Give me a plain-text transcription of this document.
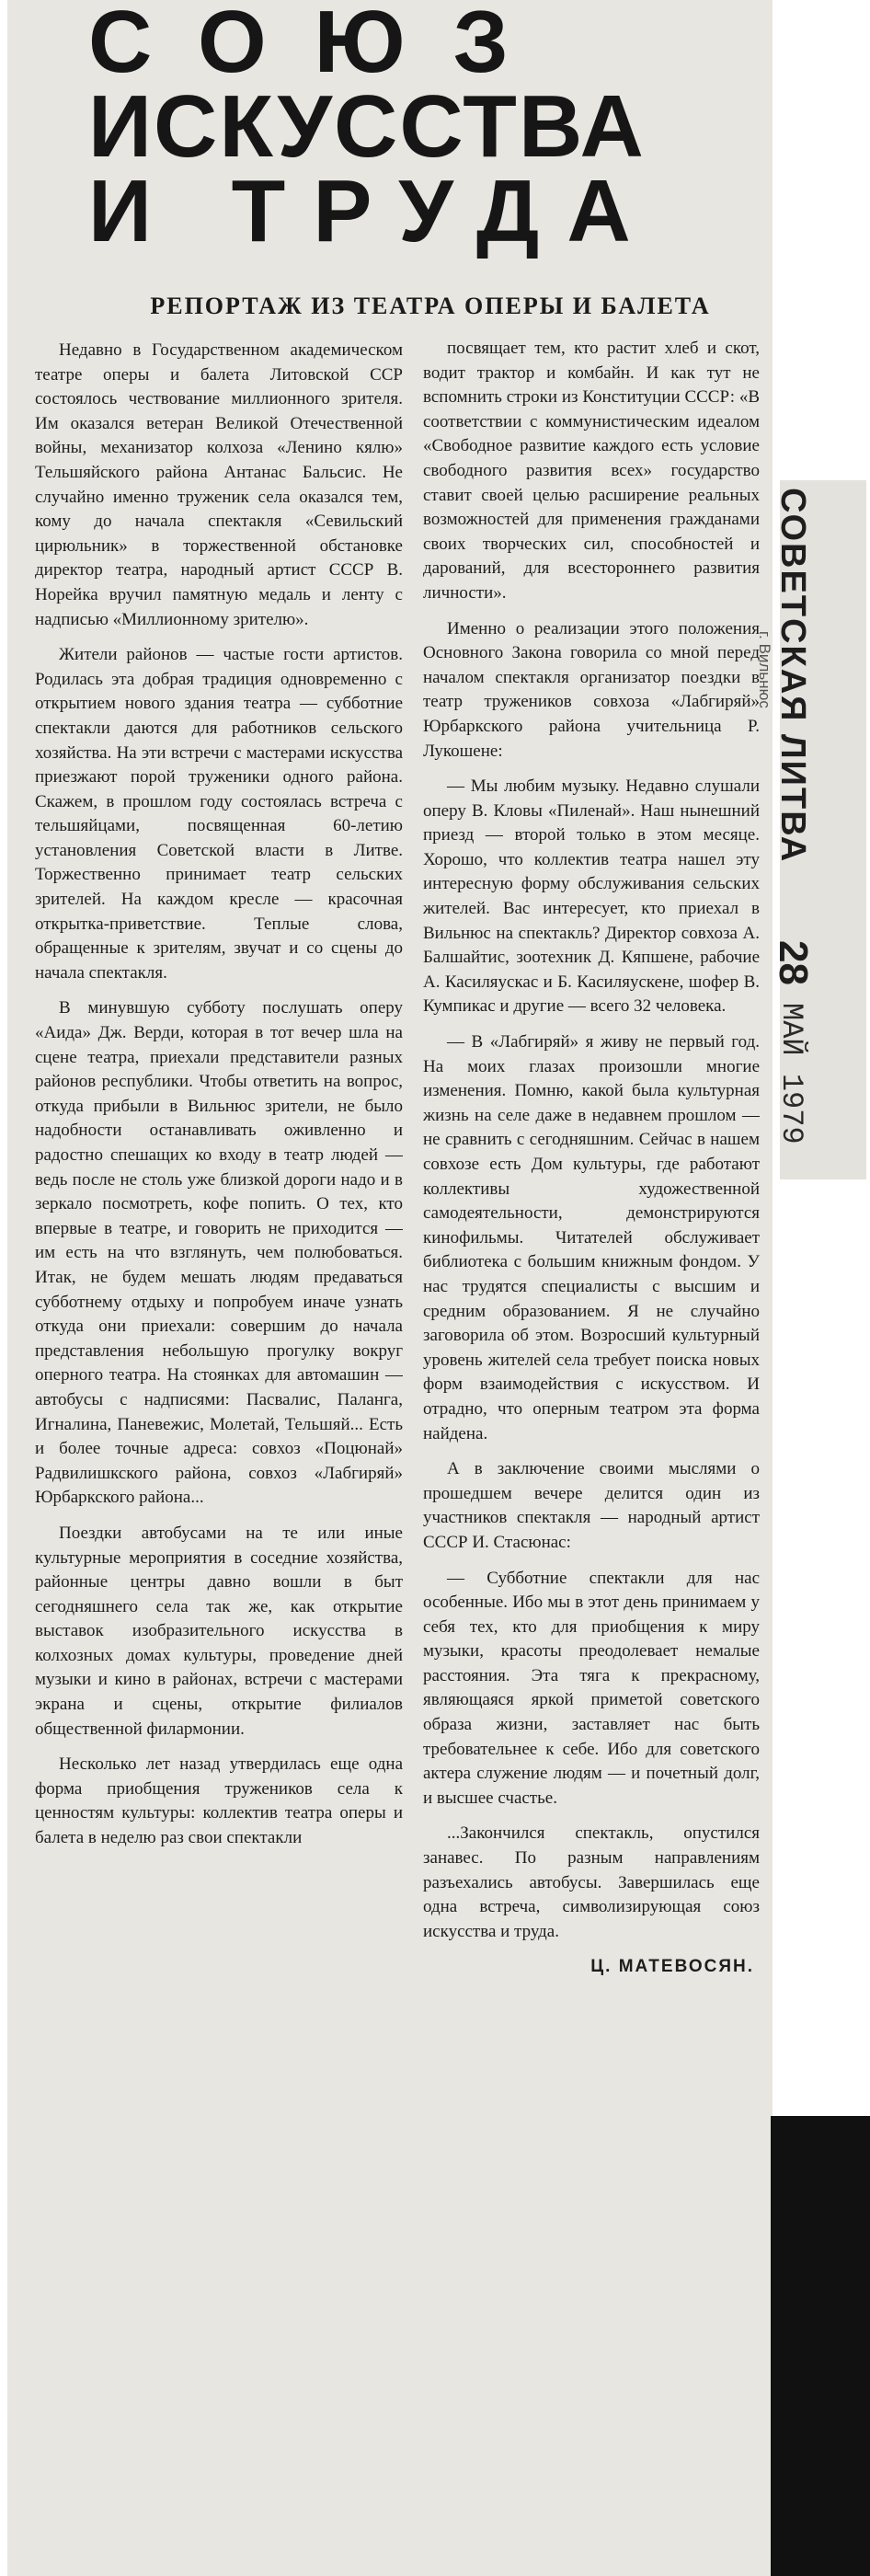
СОЮЗ
ИСКУССТВА
И ТРУДА
РЕПОРТАЖ ИЗ ТЕАТРА ОПЕРЫ И БАЛЕТА

Недавно в Государственном академическом театре оперы и балета Литовской ССР состоялось чествование миллионного зрителя. Им оказался ветеран Великой Отечественной войны, механизатор колхоза «Ленино кялю» Тельшяйского района Антанас Бальсис. Не случайно именно труженик села оказался тем, кому до начала спектакля «Севильский цирюльник» в торжественной обстановке директор театра, народный артист СССР В. Норейка вручил памятную медаль и ленту с надписью «Миллионному зрителю».

Жители районов — частые гости артистов. Родилась эта добрая традиция одновременно с открытием нового здания театра — субботние спектакли даются для работников сельского хозяйства. На эти встречи с мастерами искусства приезжают порой труженики одного района. Скажем, в прошлом году состоялась встреча с тельшяйцами, посвященная 60-летию установления Советской власти в Литве. Торжественно принимает театр сельских зрителей. На каждом кресле — красочная открытка-приветствие. Теплые слова, обращенные к зрителям, звучат и со сцены до начала спектакля.

В минувшую субботу послушать оперу «Аида» Дж. Верди, которая в тот вечер шла на сцене театра, приехали представители разных районов республики. Чтобы ответить на вопрос, откуда прибыли в Вильнюс зрители, не было надобности останавливать оживленно и радостно спешащих ко входу в театр людей — ведь после не столь уже близкой дороги надо и в зеркало посмотреть, кофе попить. О тех, кто впервые в театре, и говорить не приходится — им есть на что взглянуть, чем полюбоваться. Итак, не будем мешать людям предаваться субботнему отдыху и попробуем иначе узнать откуда они приехали: совершим до начала представления небольшую прогулку вокруг оперного театра. На стоянках для автомашин — автобусы с надписями: Пасвалис, Паланга, Игналина, Паневежис, Молетай, Тельшяй... Есть и более точные адреса: совхоз «Поцюнай» Радвилишкского района, совхоз «Лабгиряй» Юрбаркского района...

Поездки автобусами на те или иные культурные мероприятия в соседние хозяйства, районные центры давно вошли в быт сегодняшнего села так же, как открытие выставок изобразительного искусства в колхозных домах культуры, проведение дней музыки и кино в районах, встречи с мастерами экрана и сцены, открытие филиалов общественной филармонии.

Несколько лет назад утвердилась еще одна форма приобщения тружеников села к ценностям культуры: коллектив театра оперы и балета в неделю раз свои спектакли

посвящает тем, кто растит хлеб и скот, водит трактор и комбайн. И как тут не вспомнить строки из Конституции СССР: «В соответствии с коммунистическим идеалом «Свободное развитие каждого есть условие свободного развития всех» государство ставит своей целью расширение реальных возможностей для применения гражданами своих творческих сил, способностей и дарований, для всестороннего развития личности».

Именно о реализации этого положения Основного Закона говорила со мной перед началом спектакля организатор поездки в театр тружеников совхоза «Лабгиряй» Юрбаркского района учительница Р. Лукошене:

— Мы любим музыку. Недавно слушали оперу В. Кловы «Пиленай». Наш нынешний приезд — второй только в этом месяце. Хорошо, что коллектив театра нашел эту интересную форму обслуживания сельских жителей. Вас интересует, кто приехал в Вильнюс на спектакль? Директор совхоза А. Балшайтис, зоотехник Д. Кяпшене, рабочие А. Касиляускас и Б. Касиляускене, шофер В. Кумпикас и другие — всего 32 человека.

— В «Лабгиряй» я живу не первый год. На моих глазах произошли многие изменения. Помню, какой была культурная жизнь на селе даже в недавнем прошлом — не сравнить с сегодняшним. Сейчас в нашем совхозе есть Дом культуры, где работают коллективы художественной самодеятельности, демонстрируются кинофильмы. Читателей обслуживает библиотека с большим книжным фондом. У нас трудятся специалисты с высшим и средним образованием. Я не случайно заговорила об этом. Возросший культурный уровень жителей села требует поиска новых форм взаимодействия с искусством. И отрадно, что оперным театром эта форма найдена.

А в заключение своими мыслями о прошедшем вечере делится один из участников спектакля — народный артист СССР И. Стасюнас:

— Субботние спектакли для нас особенные. Ибо мы в этот день принимаем у себя тех, кто для приобщения к миру музыки, красоты преодолевает немалые расстояния. Эта тяга к прекрасному, являющаяся яркой приметой советского образа жизни, заставляет нас быть требовательнее к себе. Ибо для советского актера служение людям — и почетный долг, и высшее счастье.

...Закончился спектакль, опустился занавес. По разным направлениям разъехались автобусы. Завершилась еще одна встреча, символизирующая союз искусства и труда.

Ц. МАТЕВОСЯН.

СОВЕТСКАЯ ЛИТВА
г. Вильнюс
28
МАЙ 1979
